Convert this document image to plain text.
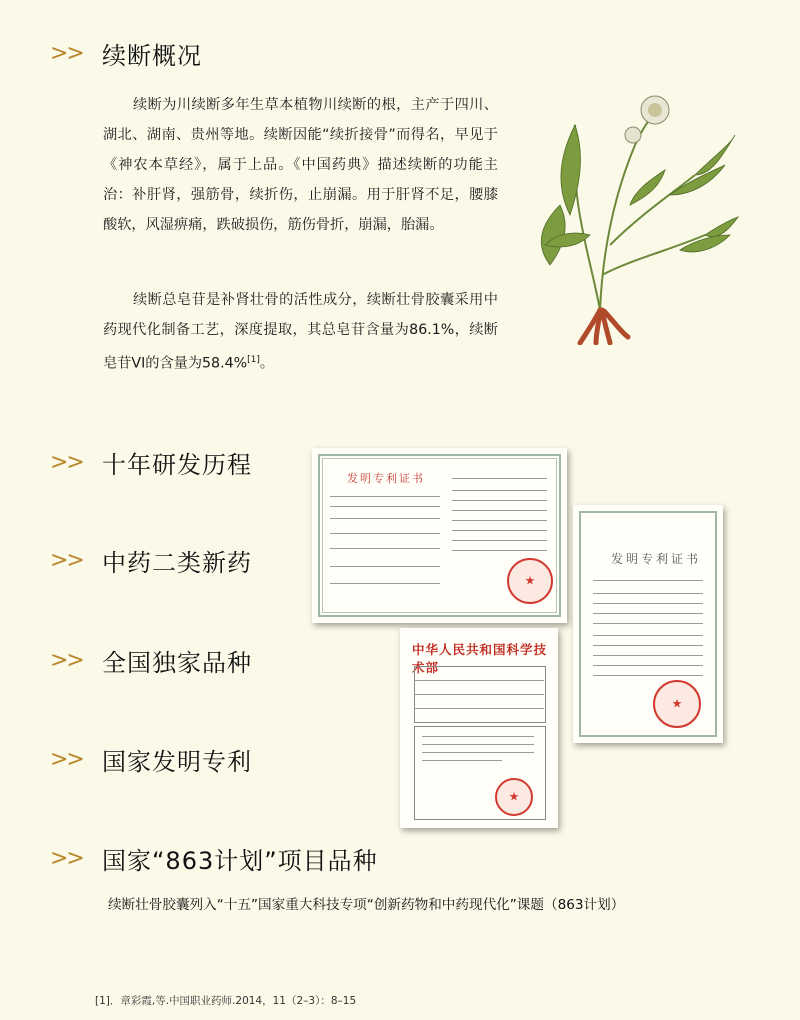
>> 续断概况

续断为川续断多年生草本植物川续断的根，主产于四川、湖北、湖南、贵州等地。续断因能“续折接骨”而得名，早见于《神农本草经》，属于上品。《中国药典》描述续断的功能主治：补肝肾，强筋骨，续折伤，止崩漏。用于肝肾不足，腰膝酸软，风湿痹痛，跌破损伤，筋伤骨折，崩漏，胎漏。

续断总皂苷是补肾壮骨的活性成分，续断壮骨胶囊采用中药现代化制备工艺，深度提取，其总皂苷含量为86.1%，续断皂苷VI的含量为58.4%[1]。

>> 十年研发历程
>> 中药二类新药
>> 全国独家品种
>> 国家发明专利
>> 国家“863计划”项目品种
发明专利证书
★
发明专利证书
★
中华人民共和国科学技术部
★
续断壮骨胶囊列入“十五”国家重大科技专项“创新药物和中药现代化”课题（863计划）
[1]．章彩霞,等.中国职业药师.2014，11（2–3）：8–15
